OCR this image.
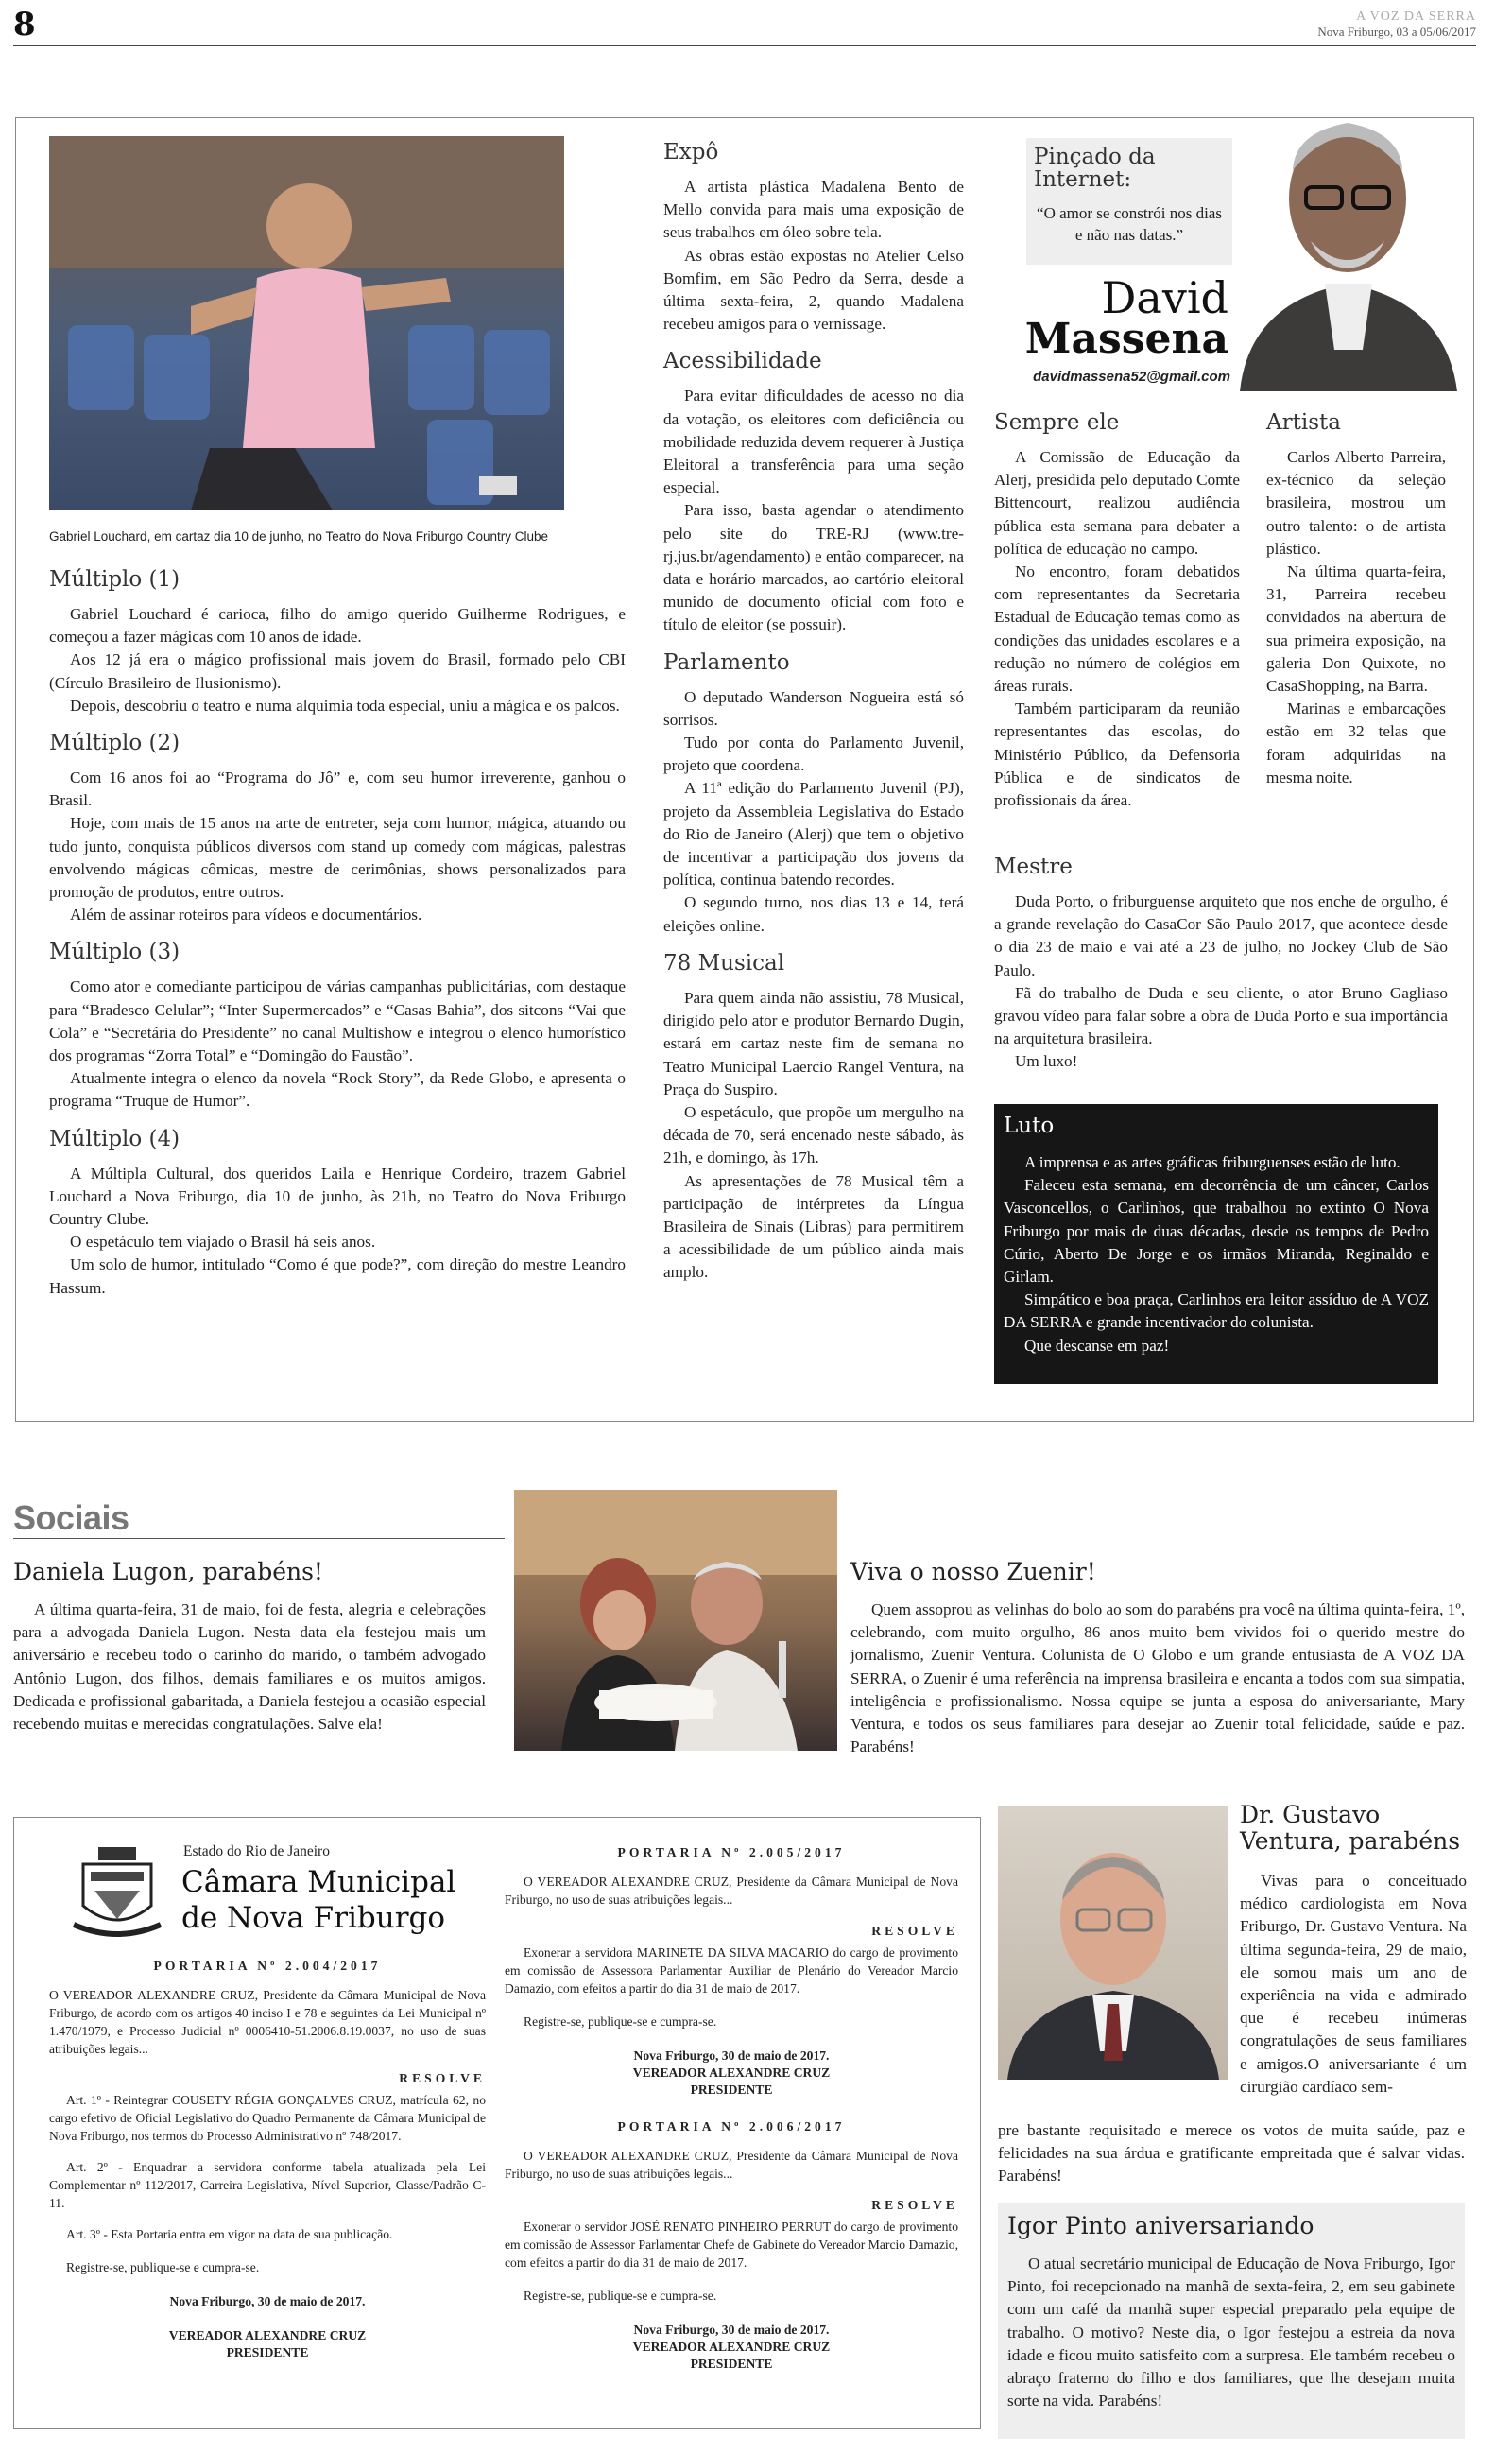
8	A VOZ DA SERRA
Nova Friburgo, 03 a 05/06/2017
Gabriel Louchard, em cartaz dia 10 de junho, no Teatro do Nova Friburgo Country Clube
Múltiplo (1)

Gabriel Louchard é carioca, filho do amigo querido Guilherme Rodrigues, e começou a fazer mágicas com 10 anos de idade.

Aos 12 já era o mágico profissional mais jovem do Brasil, formado pelo CBI (Círculo Brasileiro de Ilusionismo).

Depois, descobriu o teatro e numa alquimia toda especial, uniu a mágica e os palcos.

Múltiplo (2)

Com 16 anos foi ao “Programa do Jô” e, com seu humor irreverente, ganhou o Brasil.

Hoje, com mais de 15 anos na arte de entreter, seja com humor, mágica, atuando ou tudo junto, conquista públicos diversos com stand up comedy com mágicas, palestras envolvendo mágicas cômicas, mestre de cerimônias, shows personalizados para promoção de produtos, entre outros.

Além de assinar roteiros para vídeos e documentários.

Múltiplo (3)

Como ator e comediante participou de várias campanhas publicitárias, com destaque para “Bradesco Celular”; “Inter Supermercados” e “Casas Bahia”, dos sitcons “Vai que Cola” e “Secretária do Presidente” no canal Multishow e integrou o elenco humorístico dos programas “Zorra Total” e “Domingão do Faustão”.

Atualmente integra o elenco da novela “Rock Story”, da Rede Globo, e apresenta o programa “Truque de Humor”.

Múltiplo (4)

A Múltipla Cultural, dos queridos Laila e Henrique Cordeiro, trazem Gabriel Louchard a Nova Friburgo, dia 10 de junho, às 21h, no Teatro do Nova Friburgo Country Clube.

O espetáculo tem viajado o Brasil há seis anos.

Um solo de humor, intitulado “Como é que pode?”, com direção do mestre Leandro Hassum.

Expô

A artista plástica Madalena Bento de Mello convida para mais uma exposição de seus trabalhos em óleo sobre tela.

As obras estão expostas no Atelier Celso Bomfim, em São Pedro da Serra, desde a última sexta-feira, 2, quando Madalena recebeu amigos para o vernissage.

Acessibilidade

Para evitar dificuldades de acesso no dia da votação, os eleitores com deficiência ou mobilidade reduzida devem requerer à Justiça Eleitoral a transferência para uma seção especial.

Para isso, basta agendar o atendimento pelo site do TRE-RJ (www.tre-rj.jus.br/agendamento) e então comparecer, na data e horário marcados, ao cartório eleitoral munido de documento oficial com foto e título de eleitor (se possuir).

Parlamento

O deputado Wanderson Nogueira está só sorrisos.

Tudo por conta do Parlamento Juvenil, projeto que coordena.

A 11ª edição do Parlamento Juvenil (PJ), projeto da Assembleia Legislativa do Estado do Rio de Janeiro (Alerj) que tem o objetivo de incentivar a participação dos jovens da política, continua batendo recordes.

O segundo turno, nos dias 13 e 14, terá eleições online.

78 Musical

Para quem ainda não assistiu, 78 Musical, dirigido pelo ator e produtor Bernardo Dugin, estará em cartaz neste fim de semana no Teatro Municipal Laercio Rangel Ventura, na Praça do Suspiro.

O espetáculo, que propõe um mergulho na década de 70, será encenado neste sábado, às 21h, e domingo, às 17h.

As apresentações de 78 Musical têm a participação de intérpretes da Língua Brasileira de Sinais (Libras) para permitirem a acessibilidade de um público ainda mais amplo.

Pinçado da Internet:
“O amor se constrói nos dias e não nas datas.”
David
Massena
davidmassena52@gmail.com
Sempre ele

A Comissão de Educação da Alerj, presidida pelo deputado Comte Bittencourt, realizou audiência pública esta semana para debater a política de educação no campo.

No encontro, foram debatidos com representantes da Secretaria Estadual de Educação temas como as condições das unidades escolares e a redução no número de colégios em áreas rurais.

Também participaram da reunião representantes das escolas, do Ministério Público, da Defensoria Pública e de sindicatos de profissionais da área.

Artista

Carlos Alberto Parreira, ex-técnico da seleção brasileira, mostrou um outro talento: o de artista plástico.

Na última quarta-feira, 31, Parreira recebeu convidados na abertura de sua primeira exposição, na galeria Don Quixote, no CasaShopping, na Barra.

Marinas e embarcações estão em 32 telas que foram adquiridas na mesma noite.

Mestre

Duda Porto, o friburguense arquiteto que nos enche de orgulho, é a grande revelação do CasaCor São Paulo 2017, que acontece desde o dia 23 de maio e vai até a 23 de julho, no Jockey Club de São Paulo.

Fã do trabalho de Duda e seu cliente, o ator Bruno Gagliaso gravou vídeo para falar sobre a obra de Duda Porto e sua importância na arquitetura brasileira.

Um luxo!

Luto

A imprensa e as artes gráficas friburguenses estão de luto.

Faleceu esta semana, em decorrência de um câncer, Carlos Vasconcellos, o Carlinhos, que trabalhou no extinto O Nova Friburgo por mais de duas décadas, desde os tempos de Pedro Cúrio, Aberto De Jorge e os irmãos Miranda, Reginaldo e Girlam.

Simpático e boa praça, Carlinhos era leitor assíduo de A VOZ DA SERRA e grande incentivador do colunista.

Que descanse em paz!

Sociais
Daniela Lugon, parabéns!

A última quarta-feira, 31 de maio, foi de festa, alegria e celebrações para a advogada Daniela Lugon. Nesta data ela festejou mais um aniversário e recebeu todo o carinho do marido, o também advogado Antônio Lugon, dos filhos, demais familiares e os muitos amigos. Dedicada e profissional gabaritada, a Daniela festejou a ocasião especial recebendo muitas e merecidas congratulações. Salve ela!

Viva o nosso Zuenir!

Quem assoprou as velinhas do bolo ao som do parabéns pra você na última quinta-feira, 1º, celebrando, com muito orgulho, 86 anos muito bem vividos foi o querido mestre do jornalismo, Zuenir Ventura. Colunista de O Globo e um grande entusiasta de A VOZ DA SERRA, o Zuenir é uma referência na imprensa brasileira e encanta a todos com sua simpatia, inteligência e profissionalismo. Nossa equipe se junta a esposa do aniversariante, Mary Ventura, e todos os seus familiares para desejar ao Zuenir total felicidade, saúde e paz. Parabéns!

Estado do Rio de Janeiro
Câmara Municipal
de Nova Friburgo

PORTARIA Nº 2.004/2017

O VEREADOR ALEXANDRE CRUZ, Presidente da Câmara Municipal de Nova Friburgo, de acordo com os artigos 40 inciso I e 78 e seguintes da Lei Municipal nº 1.470/1979, e Processo Judicial nº 0006410-51.2006.8.19.0037, no uso de suas atribuições legais...

RESOLVE

Art. 1º - Reintegrar COUSETY RÉGIA GONÇALVES CRUZ, matrícula 62, no cargo efetivo de Oficial Legislativo do Quadro Permanente da Câmara Municipal de Nova Friburgo, nos termos do Processo Administrativo nº 748/2017.

Art. 2º - Enquadrar a servidora conforme tabela atualizada pela Lei Complementar nº 112/2017, Carreira Legislativa, Nível Superior, Classe/Padrão C-11.

Art. 3º - Esta Portaria entra em vigor na data de sua publicação.

Registre-se, publique-se e cumpra-se.

Nova Friburgo, 30 de maio de 2017.

VEREADOR ALEXANDRE CRUZ

PRESIDENTE

PORTARIA Nº 2.005/2017

O VEREADOR ALEXANDRE CRUZ, Presidente da Câmara Municipal de Nova Friburgo, no uso de suas atribuições legais...

RESOLVE

Exonerar a servidora MARINETE DA SILVA MACARIO do cargo de provimento em comissão de Assessora Parlamentar Auxiliar de Plenário do Vereador Marcio Damazio, com efeitos a partir do dia 31 de maio de 2017.

Registre-se, publique-se e cumpra-se.

Nova Friburgo, 30 de maio de 2017.

VEREADOR ALEXANDRE CRUZ

PRESIDENTE

PORTARIA Nº 2.006/2017

O VEREADOR ALEXANDRE CRUZ, Presidente da Câmara Municipal de Nova Friburgo, no uso de suas atribuições legais...

RESOLVE

Exonerar o servidor JOSÉ RENATO PINHEIRO PERRUT do cargo de provimento em comissão de Assessor Parlamentar Chefe de Gabinete do Vereador Marcio Damazio, com efeitos a partir do dia 31 de maio de 2017.

Registre-se, publique-se e cumpra-se.

Nova Friburgo, 30 de maio de 2017.

VEREADOR ALEXANDRE CRUZ

PRESIDENTE

Dr. Gustavo Ventura, parabéns

Vivas para o conceituado médico cardiologista em Nova Friburgo, Dr. Gustavo Ventura. Na última segunda-feira, 29 de maio, ele somou mais um ano de experiência na vida e admirado que é recebeu inúmeras congratulações de seus familiares e amigos.O aniversariante é um cirurgião cardíaco sem-

pre bastante requisitado e merece os votos de muita saúde, paz e felicidades na sua árdua e gratificante empreitada que é salvar vidas. Parabéns!

Igor Pinto aniversariando

O atual secretário municipal de Educação de Nova Friburgo, Igor Pinto, foi recepcionado na manhã de sexta-feira, 2, em seu gabinete com um café da manhã super especial preparado pela equipe de trabalho. O motivo? Neste dia, o Igor festejou a estreia da nova idade e ficou muito satisfeito com a surpresa. Ele também recebeu o abraço fraterno do filho e dos familiares, que lhe desejam muita sorte na vida. Parabéns!
